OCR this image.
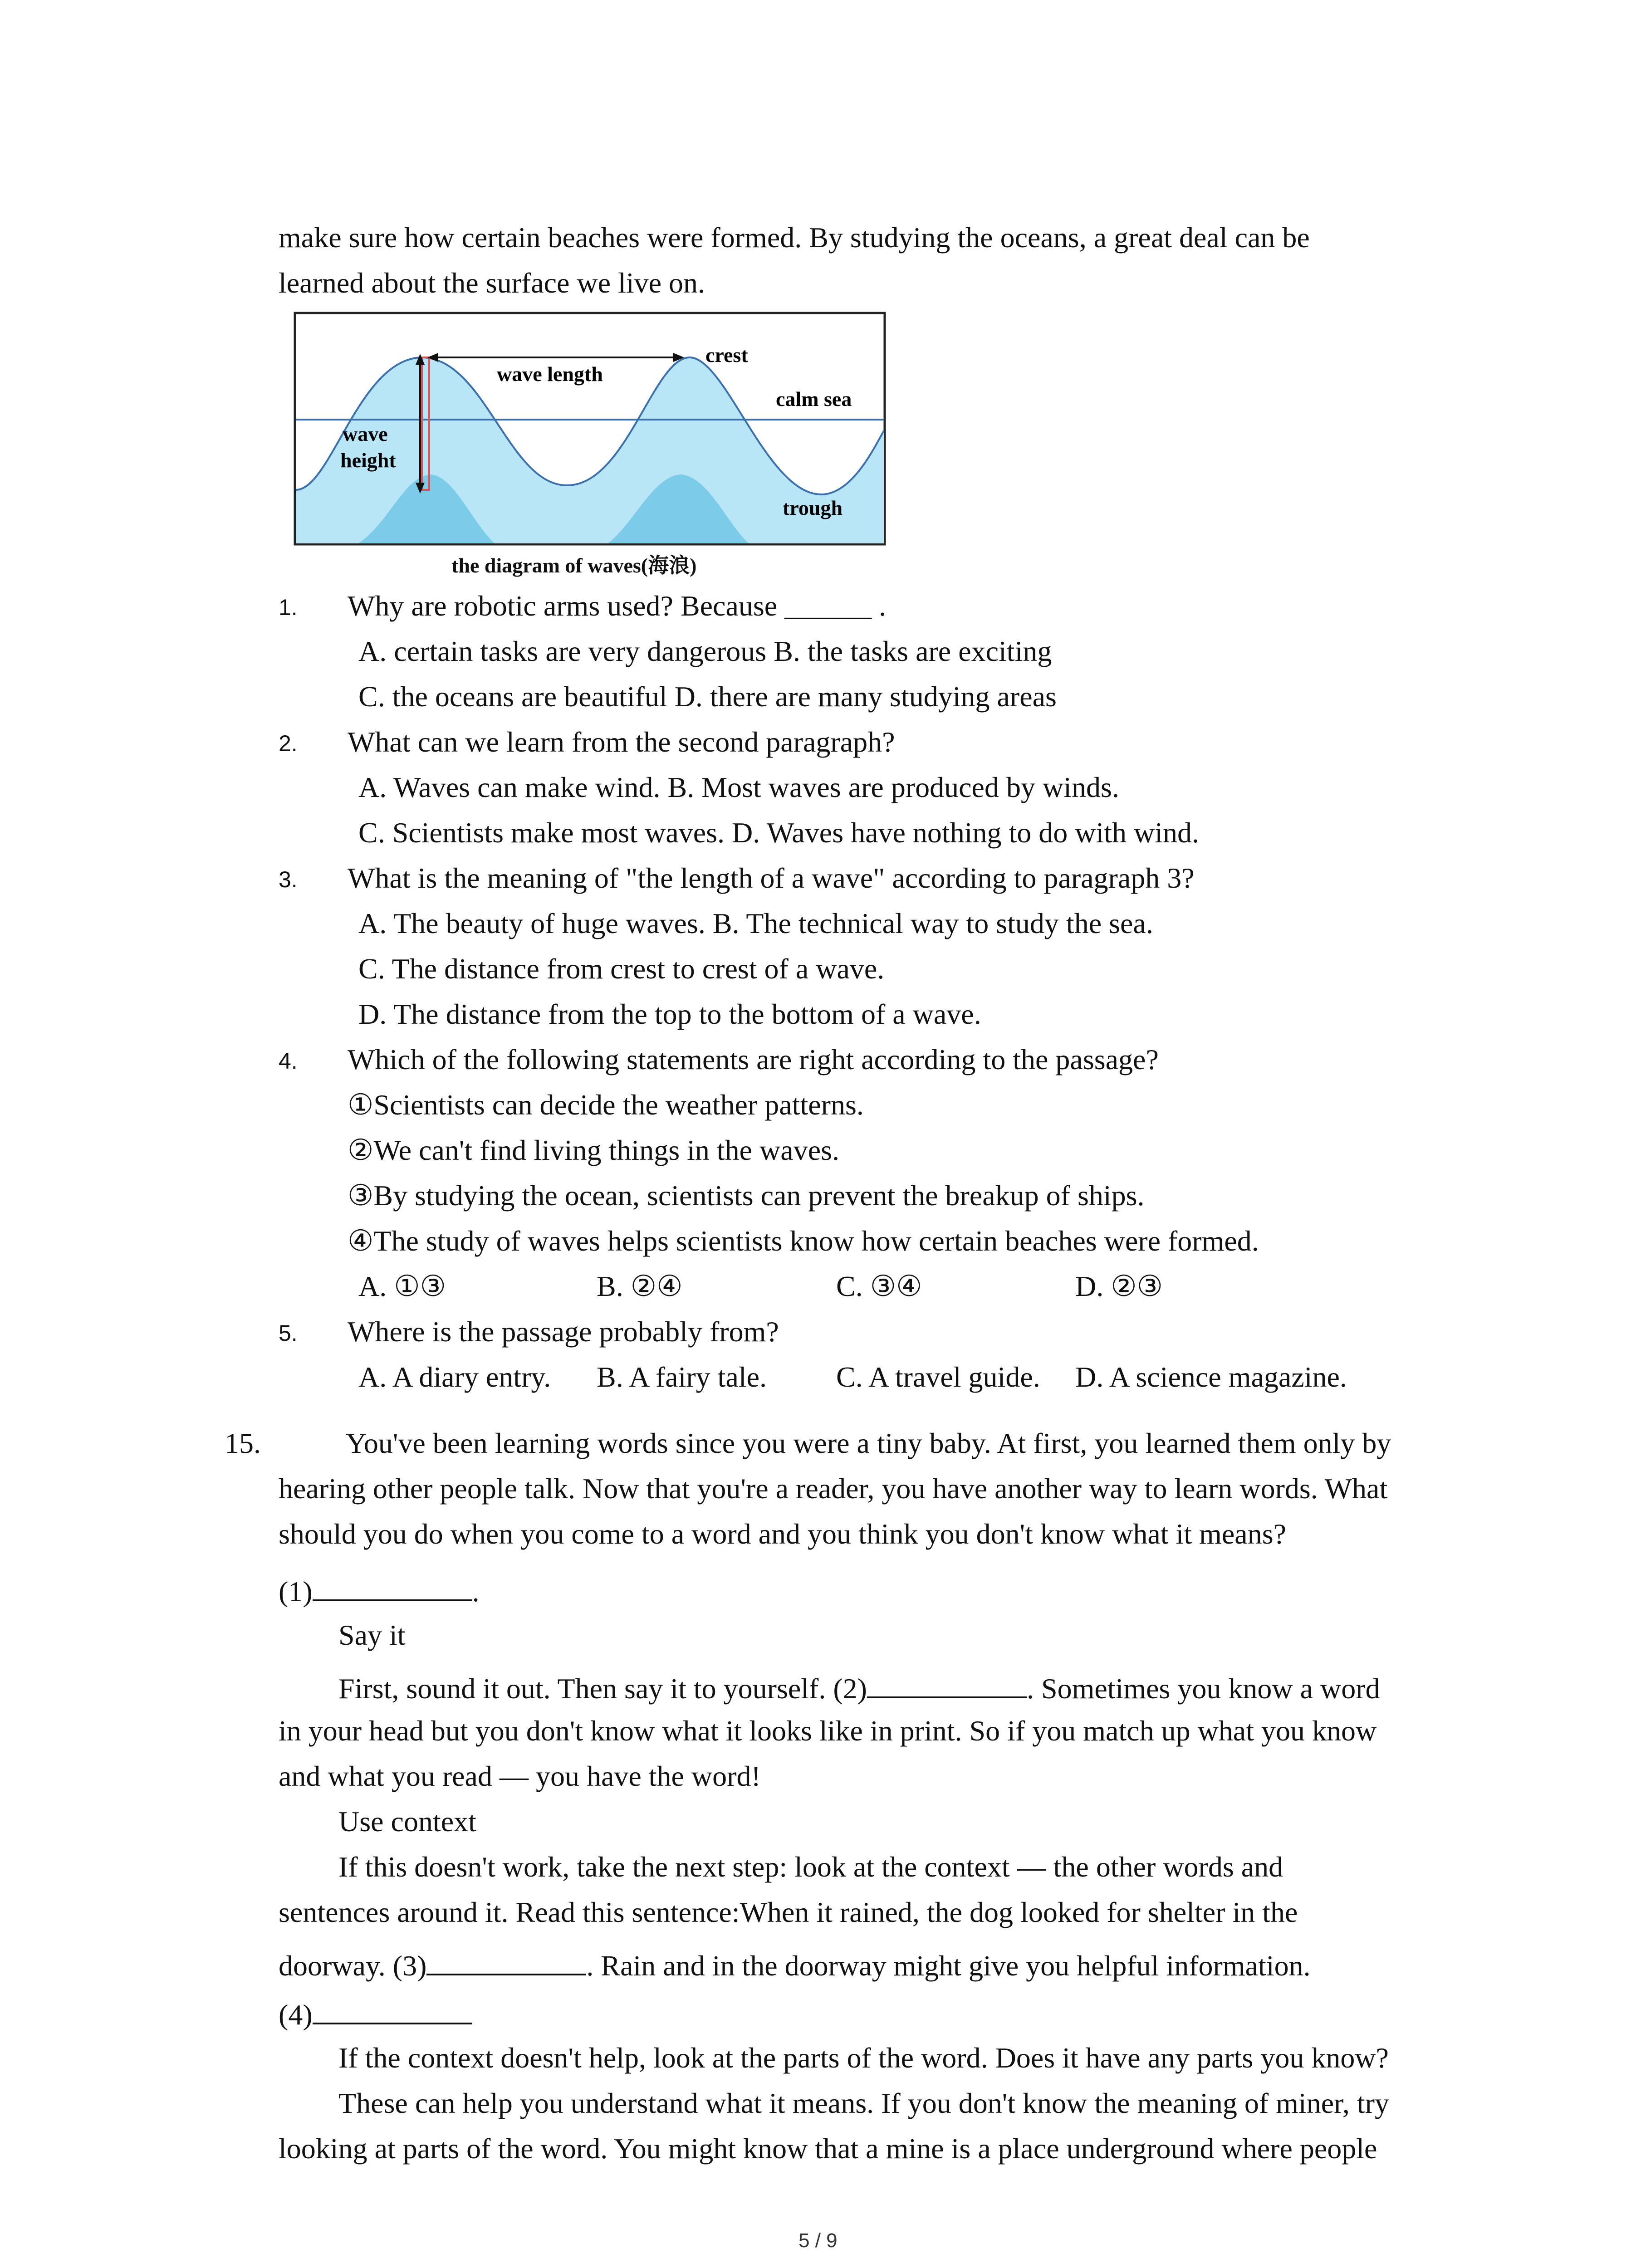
make sure how certain beaches were formed. By studying the oceans, a great deal can be
learned about the surface we live on.
wave length
crest
calm sea
wave
height
trough
the diagram of waves(海浪)
1. Why are robotic arms used? Because ______ .
A. certain tasks are very dangerous B. the tasks are exciting
C. the oceans are beautiful D. there are many studying areas
2. What can we learn from the second paragraph?
A. Waves can make wind. B. Most waves are produced by winds.
C. Scientists make most waves. D. Waves have nothing to do with wind.
3. What is the meaning of "the length of a wave" according to paragraph 3?
A. The beauty of huge waves. B. The technical way to study the sea.
C. The distance from crest to crest of a wave.
D. The distance from the top to the bottom of a wave.
4. Which of the following statements are right according to the passage?
①Scientists can decide the weather patterns.
②We can't find living things in the waves.
③By studying the ocean, scientists can prevent the breakup of ships.
④The study of waves helps scientists know how certain beaches were formed.
A. ①③	B. ②④	C. ③④	D. ②③
5. Where is the passage probably from?
A. A diary entry. B. A fairy tale. C. A travel guide. D. A science magazine.
15.	You've been learning words since you were a tiny baby. At first, you learned them only by
hearing other people talk. Now that you're a reader, you have another way to learn words. What
should you do when you come to a word and you think you don't know what it means?
(1)	.
Say it
First, sound it out. Then say it to yourself. (2)	. Sometimes you know a word
in your head but you don't know what it looks like in print. So if you match up what you know
and what you read — you have the word!
Use context
If this doesn't work, take the next step: look at the context — the other words and
sentences around it. Read this sentence:When it rained, the dog looked for shelter in the
doorway. (3)	. Rain and in the doorway might give you helpful information.
(4)
If the context doesn't help, look at the parts of the word. Does it have any parts you know?
These can help you understand what it means. If you don't know the meaning of miner, try
looking at parts of the word. You might know that a mine is a place underground where people
5 / 9
